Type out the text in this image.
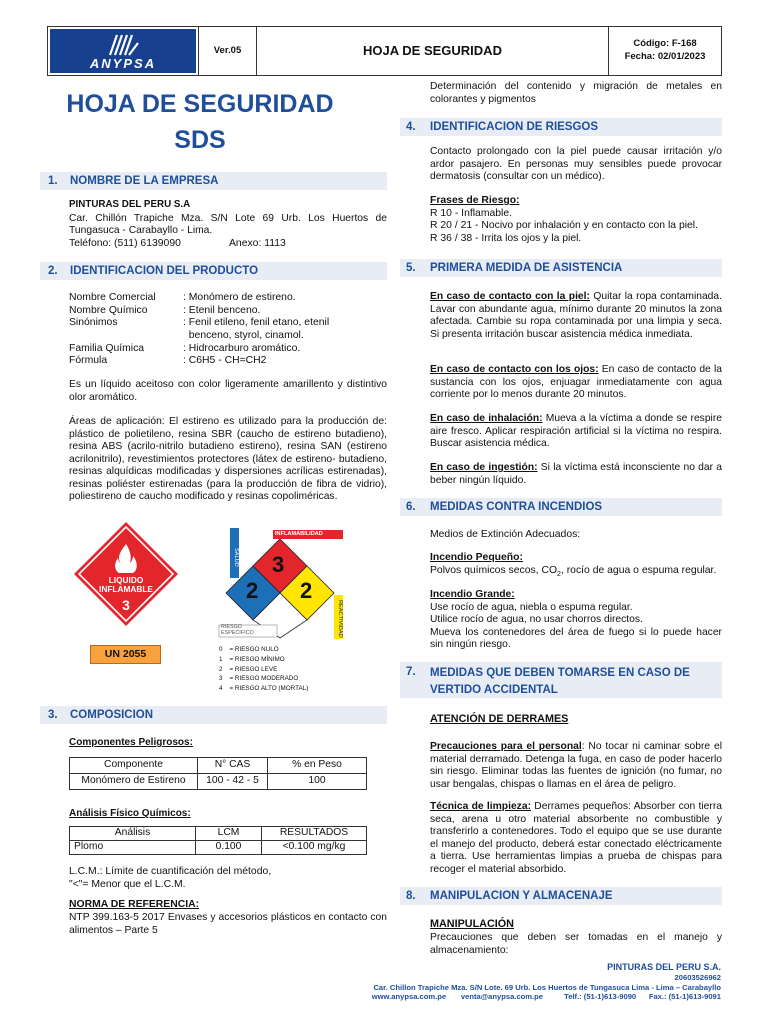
ANYPSA
Ver.05	HOJA DE SEGURIDAD	Código: F-168
Fecha: 02/01/2023
HOJA DE SEGURIDAD
SDS
1.	NOMBRE DE LA EMPRESA
PINTURAS DEL PERU S.A
Car. Chillón Trapiche Mza. S/N Lote 69 Urb. Los Huertos de Tungasuca - Carabayllo - Lima.
Teléfono: (511) 6139090	Anexo: 1113
2.	IDENTIFICACION DEL PRODUCTO
Nombre Comercial	: Monómero de estireno.
Nombre Químico	: Etenil benceno.
Sinónimos	: Fenil etileno, fenil etano, etenil
benceno, styrol, cinamol.
Familia Química	: Hidrocarburo aromático.
Fórmula	: C6H5 - CH=CH2
Es un líquido aceitoso con color ligeramente amarillento y distintivo olor aromático.
Áreas de aplicación: El estireno es utilizado para la producción de: plástico de polietileno, resina SBR (caucho de estireno butadieno), resina ABS (acrilo-nitrilo butadieno estireno), resina SAN (estireno acrilonitrilo), revestimientos protectores (látex de estireno- butadieno, resinas alquídicas modificadas y dispersiones acrílicas estirenadas), resinas poliéster estirenadas (para la producción de fibra de vidrio), poliestireno de caucho modificado y resinas copoliméricas.
LIQUIDO
INFLAMABLE
3
UN 2055
INFLAMABILIDAD
SALUD
REACTIVIDAD
RIESGO ESPECIFICO
3
2 2
0    = RIESGO NULO
1    = RIESGO MÍNIMO
2    = RIESGO LEVE
3    = RIESGO MODERADO
4    = RIESGO ALTO (MORTAL)
3.	COMPOSICION
Componentes Peligrosos:
Componente	N° CAS	% en Peso
Monómero de Estireno	100 - 42 - 5	100
Análisis Físico Químicos:
Análisis	LCM	RESULTADOS
Plomo	0.100	<0.100 mg/kg
L.C.M.: Límite de cuantificación del método,
"<"= Menor que el L.C.M.
NORMA DE REFERENCIA:
NTP 399.163-5 2017 Envases y accesorios plásticos en contacto con alimentos – Parte 5
Determinación del contenido y migración de metales en colorantes y pigmentos
4.	IDENTIFICACION DE RIESGOS
Contacto prolongado con la piel puede causar irritación y/o ardor pasajero. En personas muy sensibles puede provocar dermatosis (consultar con un médico).
Frases de Riesgo:
R 10 - Inflamable.
R 20 / 21 - Nocivo por inhalación y en contacto con la piel.
R 36 / 38 - Irrita los ojos y la piel.
5.	PRIMERA MEDIDA DE ASISTENCIA
En caso de contacto con la piel: Quitar la ropa contaminada. Lavar con abundante agua, mínimo durante 20 minutos la zona afectada. Cambie su ropa contaminada por una limpia y seca. Si presenta irritación buscar asistencia médica inmediata.
En caso de contacto con los ojos: En caso de contacto de la sustancia con los ojos, enjuagar inmediatamente con agua corriente por lo menos durante 20 minutos.
En caso de inhalación: Mueva a la víctima a donde se respire aire fresco. Aplicar respiración artificial si la víctima no respira. Buscar asistencia médica.
En caso de ingestión: Si la víctima está inconsciente no dar a beber ningún líquido.
6.	MEDIDAS CONTRA INCENDIOS
Medios de Extinción Adecuados:
Incendio Pequeño:
Polvos químicos secos, $CO_2$, rocío de agua o espuma regular.
Incendio Grande:
Use rocío de agua, niebla o espuma regular.
Utilice rocío de agua, no usar chorros directos.
Mueva los contenedores del área de fuego si lo puede hacer sin ningún riesgo.
7.	MEDIDAS QUE DEBEN TOMARSE EN CASO DE
VERTIDO ACCIDENTAL
ATENCIÓN DE DERRAMES
Precauciones para el personal: No tocar ni caminar sobre el material derramado. Detenga la fuga, en caso de poder hacerlo sin riesgo. Eliminar todas las fuentes de ignición (no fumar, no usar bengalas, chispas o llamas en el área de peligro.
Técnica de limpieza: Derrames pequeños: Absorber con tierra seca, arena u otro material absorbente no combustible y transferirlo a contenedores. Todo el equipo que se use durante el manejo del producto, deberá estar conectado eléctricamente a tierra. Use herramientas limpias a prueba de chispas para recoger el material absorbido.
8.	MANIPULACION Y ALMACENAJE
MANIPULACIÓN
Precauciones que deben ser tomadas en el manejo y almacenamiento:
PINTURAS DEL PERU S.A.
20603526962
Car. Chillon Trapiche Mza. S/N Lote. 69 Urb. Los Huertos de Tungasuca Lima - Lima – Carabayllo
www.anypsa.com.pe       venta@anypsa.com.pe          Telf.: (51-1)613-9090      Fax.: (51-1)613-9091
